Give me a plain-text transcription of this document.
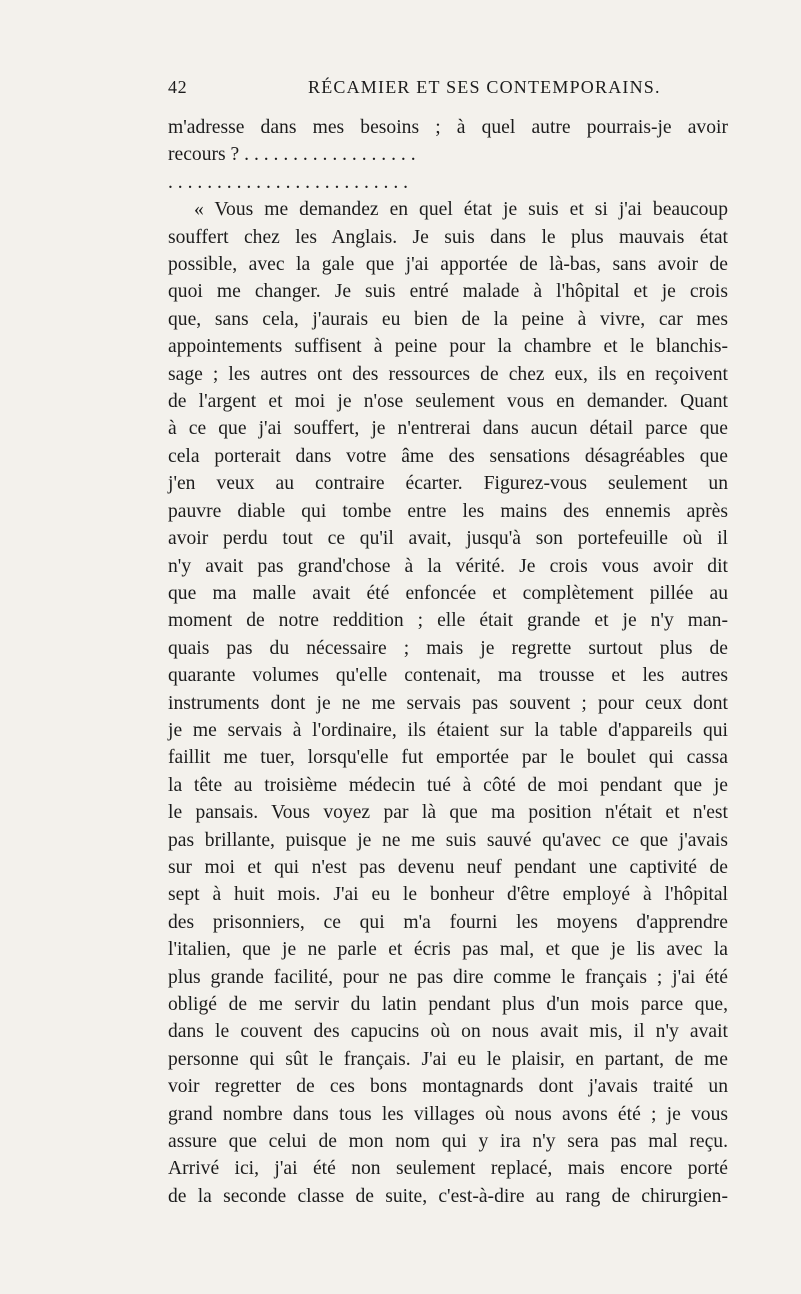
42	RÉCAMIER ET SES CONTEMPORAINS.

m'adresse dans mes besoins ; à quel autre pourrais-je avoir
recours ? . . . . . . . . . . . . . . . . . .
. . . . . . . . . . . . . . . . . . . . . . . . .
« Vous me demandez en quel état je suis et si j'ai beaucoup
souffert chez les Anglais. Je suis dans le plus mauvais état
possible, avec la gale que j'ai apportée de là-bas, sans avoir de
quoi me changer. Je suis entré malade à l'hôpital et je crois
que, sans cela, j'aurais eu bien de la peine à vivre, car mes
appointements suffisent à peine pour la chambre et le blanchis-
sage ; les autres ont des ressources de chez eux, ils en reçoivent
de l'argent et moi je n'ose seulement vous en demander. Quant
à ce que j'ai souffert, je n'entrerai dans aucun détail parce que
cela porterait dans votre âme des sensations désagréables que
j'en veux au contraire écarter. Figurez-vous seulement un
pauvre diable qui tombe entre les mains des ennemis après
avoir perdu tout ce qu'il avait, jusqu'à son portefeuille où il
n'y avait pas grand'chose à la vérité. Je crois vous avoir dit
que ma malle avait été enfoncée et complètement pillée au
moment de notre reddition ; elle était grande et je n'y man-
quais pas du nécessaire ; mais je regrette surtout plus de
quarante volumes qu'elle contenait, ma trousse et les autres
instruments dont je ne me servais pas souvent ; pour ceux dont
je me servais à l'ordinaire, ils étaient sur la table d'appareils qui
faillit me tuer, lorsqu'elle fut emportée par le boulet qui cassa
la tête au troisième médecin tué à côté de moi pendant que je
le pansais. Vous voyez par là que ma position n'était et n'est
pas brillante, puisque je ne me suis sauvé qu'avec ce que j'avais
sur moi et qui n'est pas devenu neuf pendant une captivité de
sept à huit mois. J'ai eu le bonheur d'être employé à l'hôpital
des prisonniers, ce qui m'a fourni les moyens d'apprendre
l'italien, que je ne parle et écris pas mal, et que je lis avec la
plus grande facilité, pour ne pas dire comme le français ; j'ai été
obligé de me servir du latin pendant plus d'un mois parce que,
dans le couvent des capucins où on nous avait mis, il n'y avait
personne qui sût le français. J'ai eu le plaisir, en partant, de me
voir regretter de ces bons montagnards dont j'avais traité un
grand nombre dans tous les villages où nous avons été ; je vous
assure que celui de mon nom qui y ira n'y sera pas mal reçu.
Arrivé ici, j'ai été non seulement replacé, mais encore porté
de la seconde classe de suite, c'est-à-dire au rang de chirurgien-
